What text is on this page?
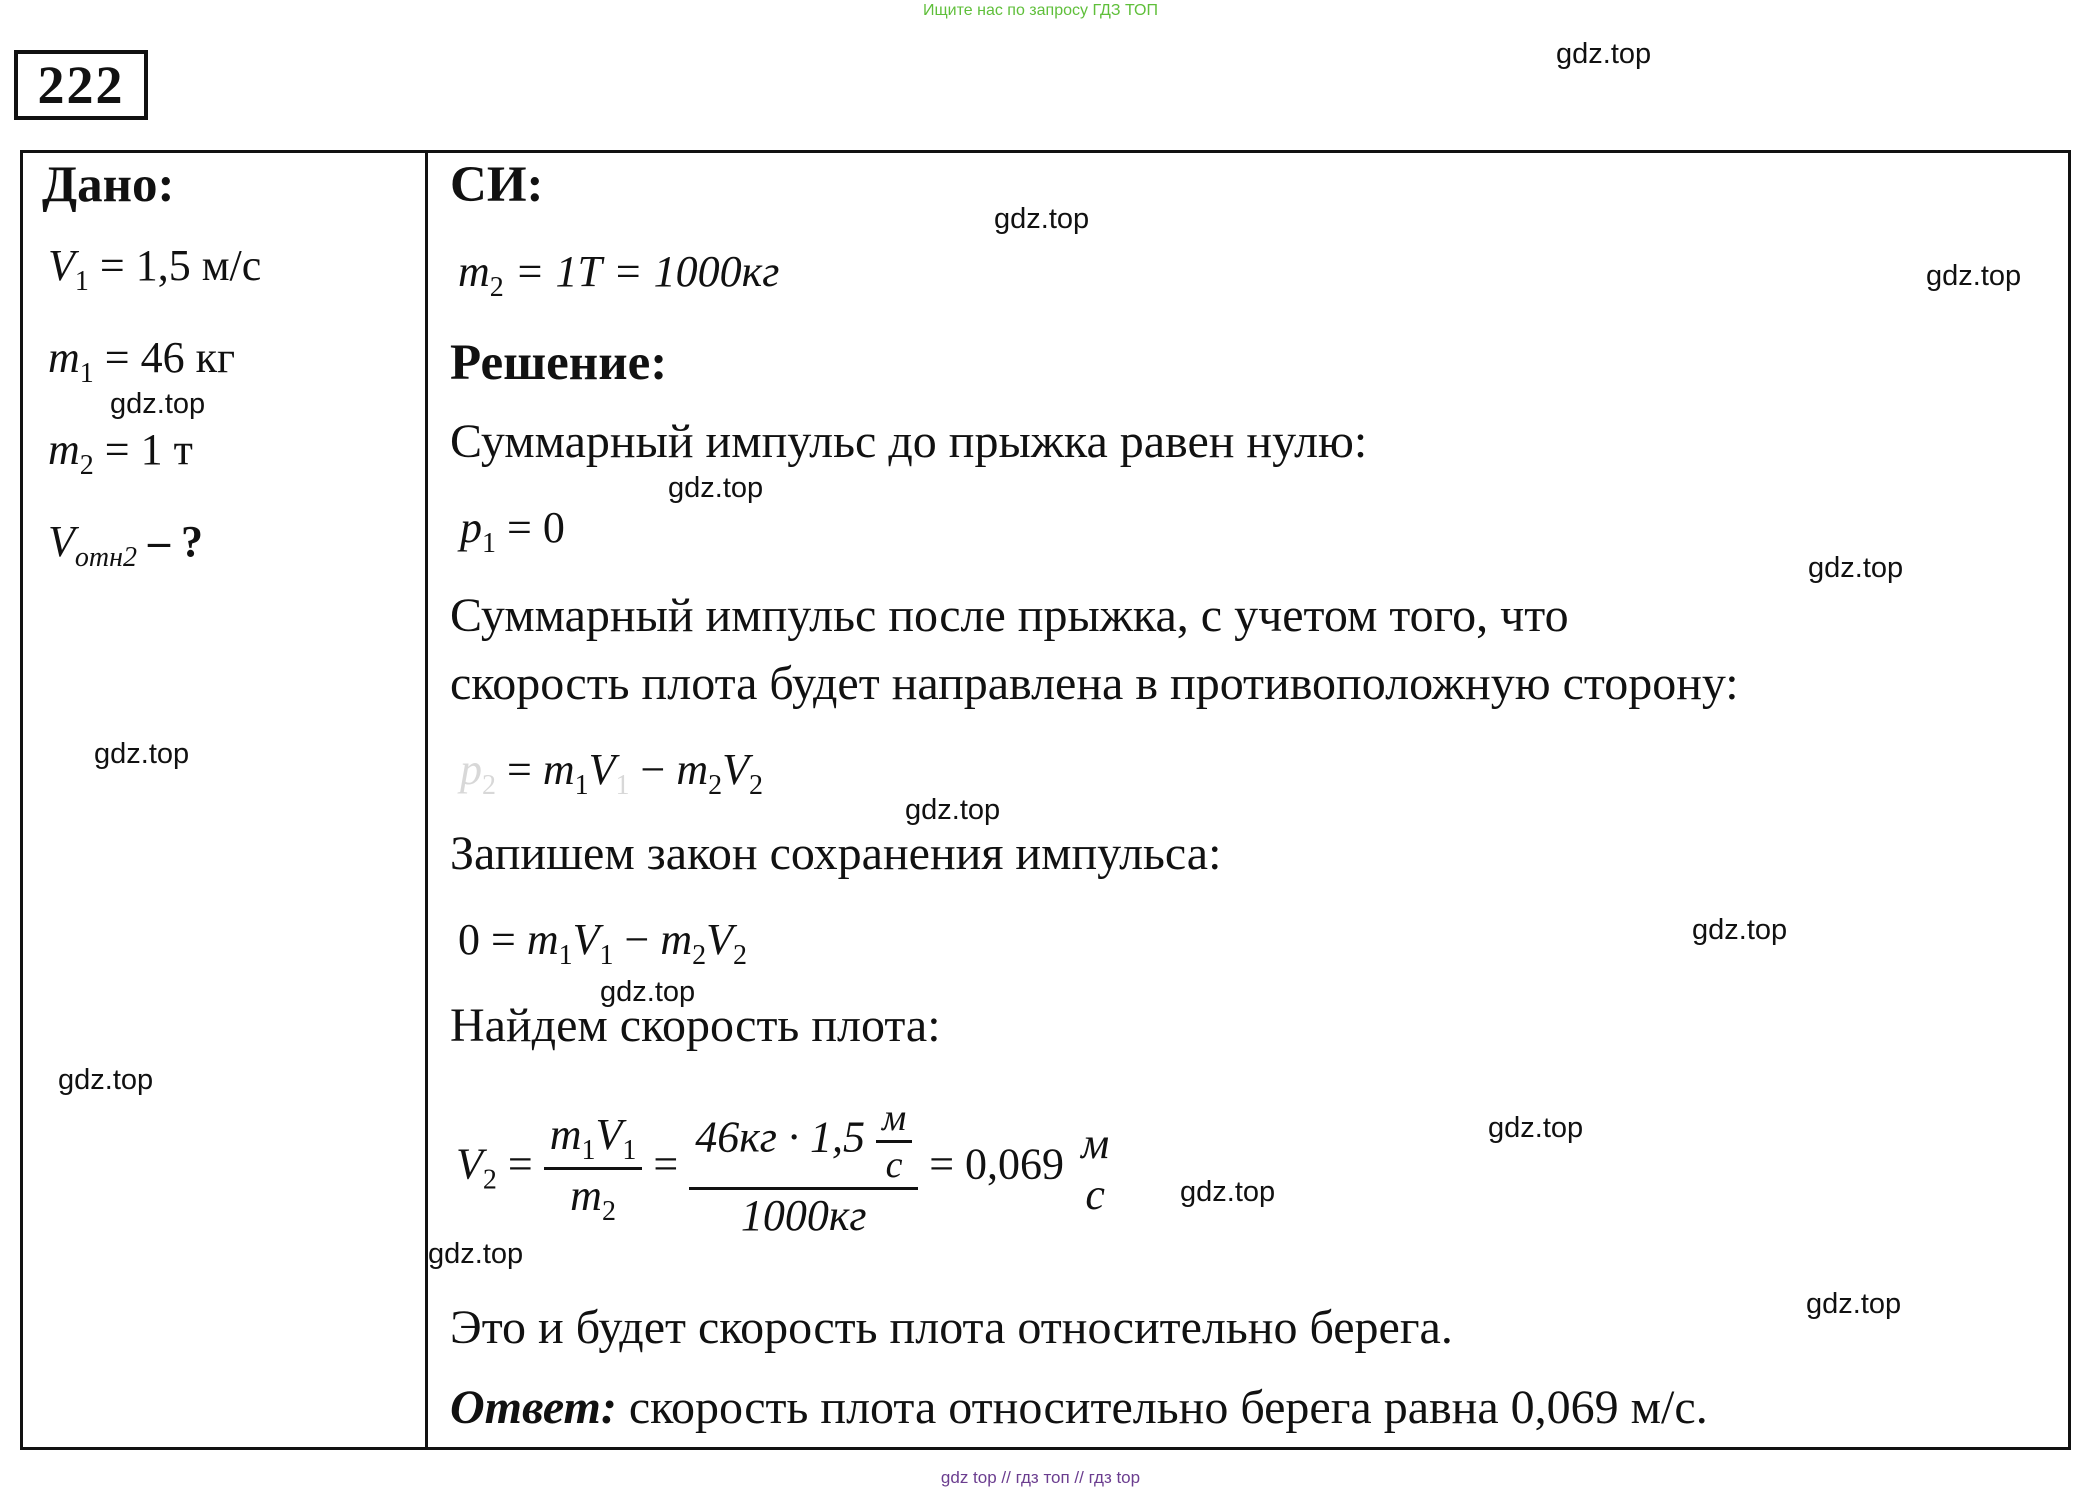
Ищите нас по запросу ГДЗ ТОП
222
Дано:
$V_1 = 1,5$ м/с
$m_1 = 46$ кг
$m_2 = 1$ т
$V_{отн2}$ – ?
СИ:
$m_2 = 1Т = 1000кг$
Решение:
Суммарный импульс до прыжка равен нулю:
$p_1 = 0$
Суммарный импульс после прыжка, с учетом того, что
скорость плота будет направлена в противоположную сторону:
$p_2 = m_1V_1 - m_2V_2$
Запишем закон сохранения импульса:
$0 = m_1V_1 - m_2V_2$
Найдем скорость плота:
$V_2 = \frac{m_1V_1}{m_2} = \frac{46кг \cdot 1,5 \frac{м}{с}}{1000кг} = 0,069$ м
с
Это и будет скорость плота относительно берега.
Ответ: скорость плота относительно берега равна 0,069 м/с.
gdz.top
gdz.top
gdz.top
gdz.top
gdz.top
gdz.top
gdz.top
gdz.top
gdz.top
gdz.top
gdz.top
gdz.top
gdz.top
gdz.top
gdz.top
gdz top // гдз топ // гдз top
